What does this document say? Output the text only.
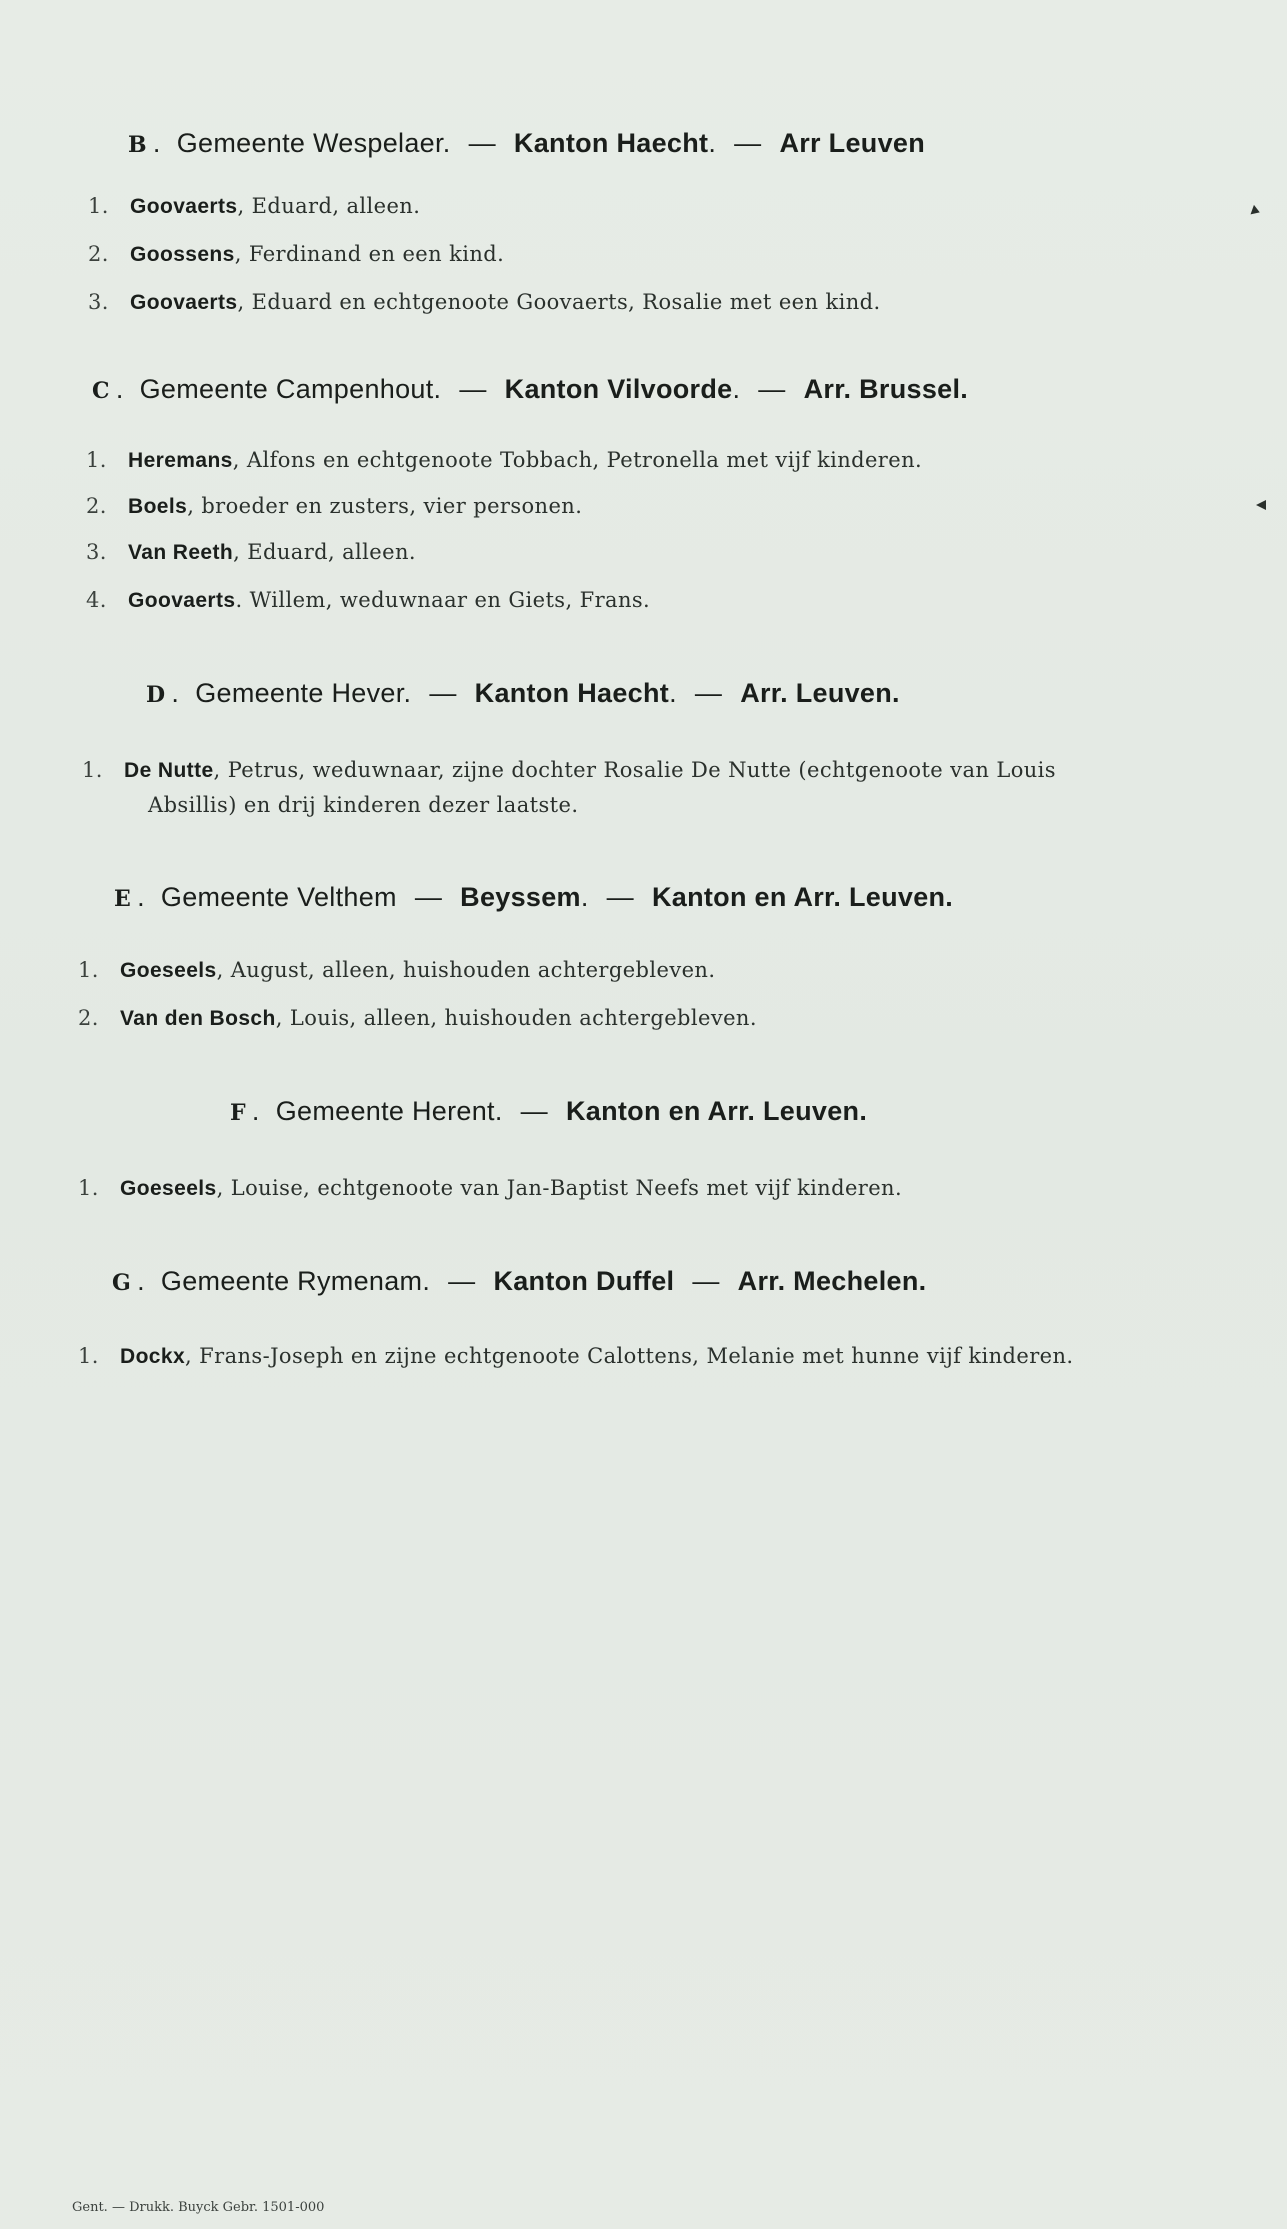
B . Gemeente Wespelaer. — Kanton Haecht. — Arr Leuven
1. Goovaerts, Eduard, alleen.
2. Goossens, Ferdinand en een kind.
3. Goovaerts, Eduard en echtgenoote Goovaerts, Rosalie met een kind.
C . Gemeente Campenhout. — Kanton Vilvoorde. — Arr. Brussel.
1. Heremans, Alfons en echtgenoote Tobbach, Petronella met vijf kinderen.
2. Boels, broeder en zusters, vier personen.
3. Van Reeth, Eduard, alleen.
4. Goovaerts. Willem, weduwnaar en Giets, Frans.
D . Gemeente Hever. — Kanton Haecht. — Arr. Leuven.
1. De Nutte, Petrus, weduwnaar, zijne dochter Rosalie De Nutte (echtgenoote van Louis
Absillis) en drij kinderen dezer laatste.
E . Gemeente Velthem — Beyssem. — Kanton en Arr. Leuven.
1. Goeseels, August, alleen, huishouden achtergebleven.
2. Van den Bosch, Louis, alleen, huishouden achtergebleven.
F . Gemeente Herent. — Kanton en Arr. Leuven.
1. Goeseels, Louise, echtgenoote van Jan-Baptist Neefs met vijf kinderen.
G . Gemeente Rymenam. — Kanton Duffel — Arr. Mechelen.
1. Dockx, Frans-Joseph en zijne echtgenoote Calottens, Melanie met hunne vijf kinderen.
Gent. — Drukk. Buyck Gebr. 1501-000
